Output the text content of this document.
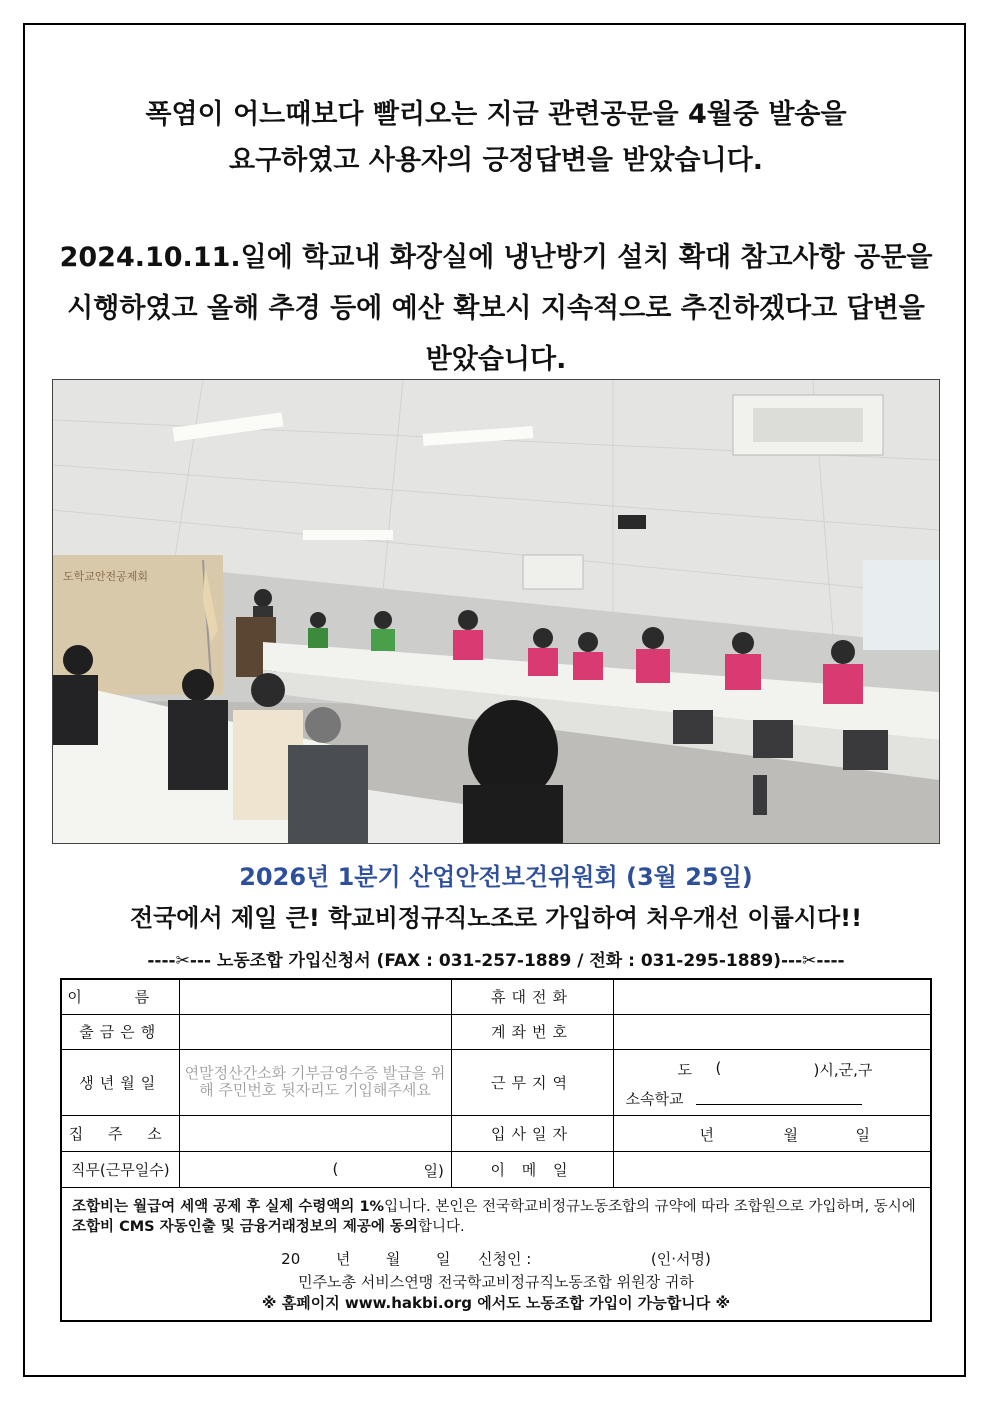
폭염이 어느때보다 빨리오는 지금 관련공문을 4월중 발송을
요구하였고 사용자의 긍정답변을 받았습니다.
2024.10.11.일에 학교내 화장실에 냉난방기 설치 확대 참고사항 공문을
시행하였고 올해 추경 등에 예산 확보시 지속적으로 추진하겠다고 답변을
받았습니다.
도학교안전공제회
2026년 1분기 산업안전보건위원회 (3월 25일)
전국에서 제일 큰! 학교비정규직노조로 가입하여 처우개선 이룹시다!!
----✂--- 노동조합 가입신청서 (FAX : 031-257-1889 / 전화 : 031-295-1889)---✂----
이 름		휴대전화	
출금은행		계좌번호	
생년월일	연말정산간소화 기부금영수증 발급을 위해 주민번호 뒷자리도 기입해주세요	근무지역	도 ( )시,군,구
소속학교

집 주 소		입사일자	년 월 일

직무(근무일수)	( 일)	이 메 일	
조합비는 월급여 세액 공제 후 실제 수령액의 1%입니다. 본인은 전국학교비정규노동조합의 규약에 따라 조합원으로 가입하며, 동시에 조합비 CMS 자동인출 및 금융거래정보의 제공에 동의합니다.
20 년 월 일 신청인 :	(인·서명)
민주노총 서비스연맹 전국학교비정규직노동조합 위원장 귀하
※ 홈페이지 www.hakbi.org 에서도 노동조합 가입이 가능합니다 ※
